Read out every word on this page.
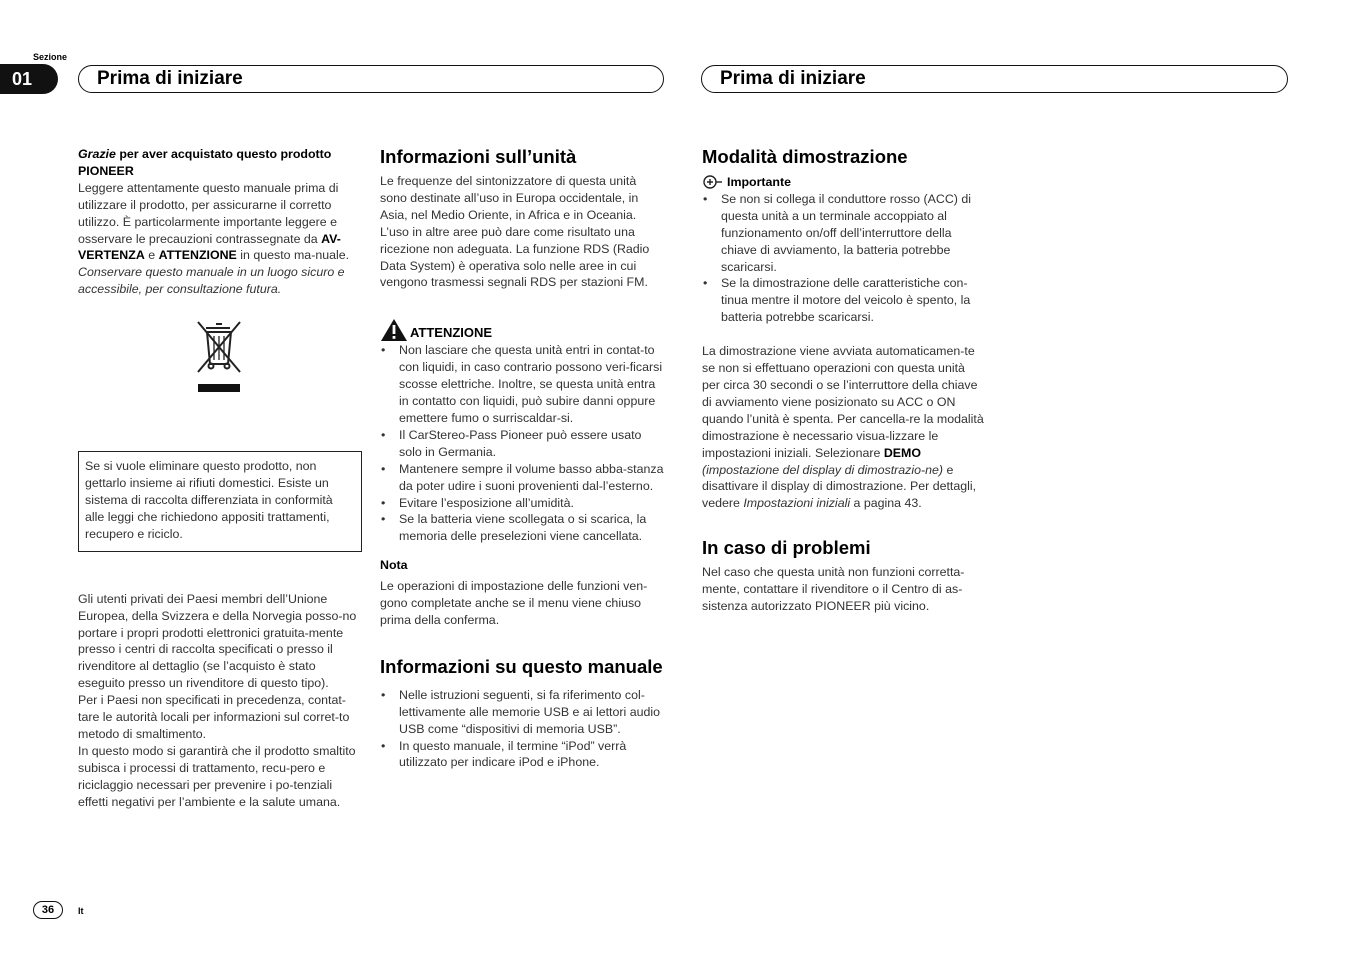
Sezione
01	Prima di iniziare	Prima di iniziare

Grazie per aver acquistato questo prodotto

PIONEER

Leggere attentamente questo manuale prima di utilizzare il prodotto, per assicurarne il corretto utilizzo. È particolarmente importante leggere e osservare le precauzioni contrassegnate da AV-VERTENZA e ATTENZIONE in questo ma-nuale. Conservare questo manuale in un luogo sicuro e accessibile, per consultazione futura.

Se si vuole eliminare questo prodotto, non gettarlo insieme ai rifiuti domestici. Esiste un sistema di raccolta differenziata in conformità alle leggi che richiedono appositi trattamenti, recupero e riciclo.

Gli utenti privati dei Paesi membri dell’Unione Europea, della Svizzera e della Norvegia posso-no portare i propri prodotti elettronici gratuita-mente presso i centri di raccolta specificati o presso il rivenditore al dettaglio (se l’acquisto è stato eseguito presso un rivenditore di questo tipo).

Per i Paesi non specificati in precedenza, contat-tare le autorità locali per informazioni sul corret-to metodo di smaltimento.

In questo modo si garantirà che il prodotto smaltito subisca i processi di trattamento, recu-pero e riciclaggio necessari per prevenire i po-tenziali effetti negativi per l’ambiente e la salute umana.

Informazioni sull’unità

Le frequenze del sintonizzatore di questa unità sono destinate all’uso in Europa occidentale, in Asia, nel Medio Oriente, in Africa e in Oceania. L’uso in altre aree può dare come risultato una ricezione non adeguata. La funzione RDS (Radio Data System) è operativa solo nelle aree in cui vengono trasmessi segnali RDS per stazioni FM.

ATTENZIONE
• Non lasciare che questa unità entri in contat-to con liquidi, in caso contrario possono veri-ficarsi scosse elettriche. Inoltre, se questa unità entra in contatto con liquidi, può subire danni oppure emettere fumo o surriscaldar-si.
• Il CarStereo-Pass Pioneer può essere usato solo in Germania.
• Mantenere sempre il volume basso abba-stanza da poter udire i suoni provenienti dal-l’esterno.
• Evitare l’esposizione all’umidità.
• Se la batteria viene scollegata o si scarica, la memoria delle preselezioni viene cancellata.

Nota

Le operazioni di impostazione delle funzioni ven-gono completate anche se il menu viene chiuso prima della conferma.

Informazioni su questo manuale
• Nelle istruzioni seguenti, si fa riferimento col-lettivamente alle memorie USB e ai lettori audio USB come “dispositivi di memoria USB”.
• In questo manuale, il termine “iPod” verrà utilizzato per indicare iPod e iPhone.
Modalità dimostrazione
Importante
• Se non si collega il conduttore rosso (ACC) di questa unità a un terminale accoppiato al funzionamento on/off dell’interruttore della chiave di avviamento, la batteria potrebbe scaricarsi.
• Se la dimostrazione delle caratteristiche con-tinua mentre il motore del veicolo è spento, la batteria potrebbe scaricarsi.

La dimostrazione viene avviata automaticamen-te se non si effettuano operazioni con questa unità per circa 30 secondi o se l’interruttore della chiave di avviamento viene posizionato su ACC o ON quando l’unità è spenta. Per cancella-re la modalità dimostrazione è necessario visua-lizzare le impostazioni iniziali. Selezionare DEMO (impostazione del display di dimostrazio-ne) e disattivare il display di dimostrazione. Per dettagli, vedere Impostazioni iniziali a pagina 43.

In caso di problemi

Nel caso che questa unità non funzioni corretta-mente, contattare il rivenditore o il Centro di as-sistenza autorizzato PIONEER più vicino.

36	It
